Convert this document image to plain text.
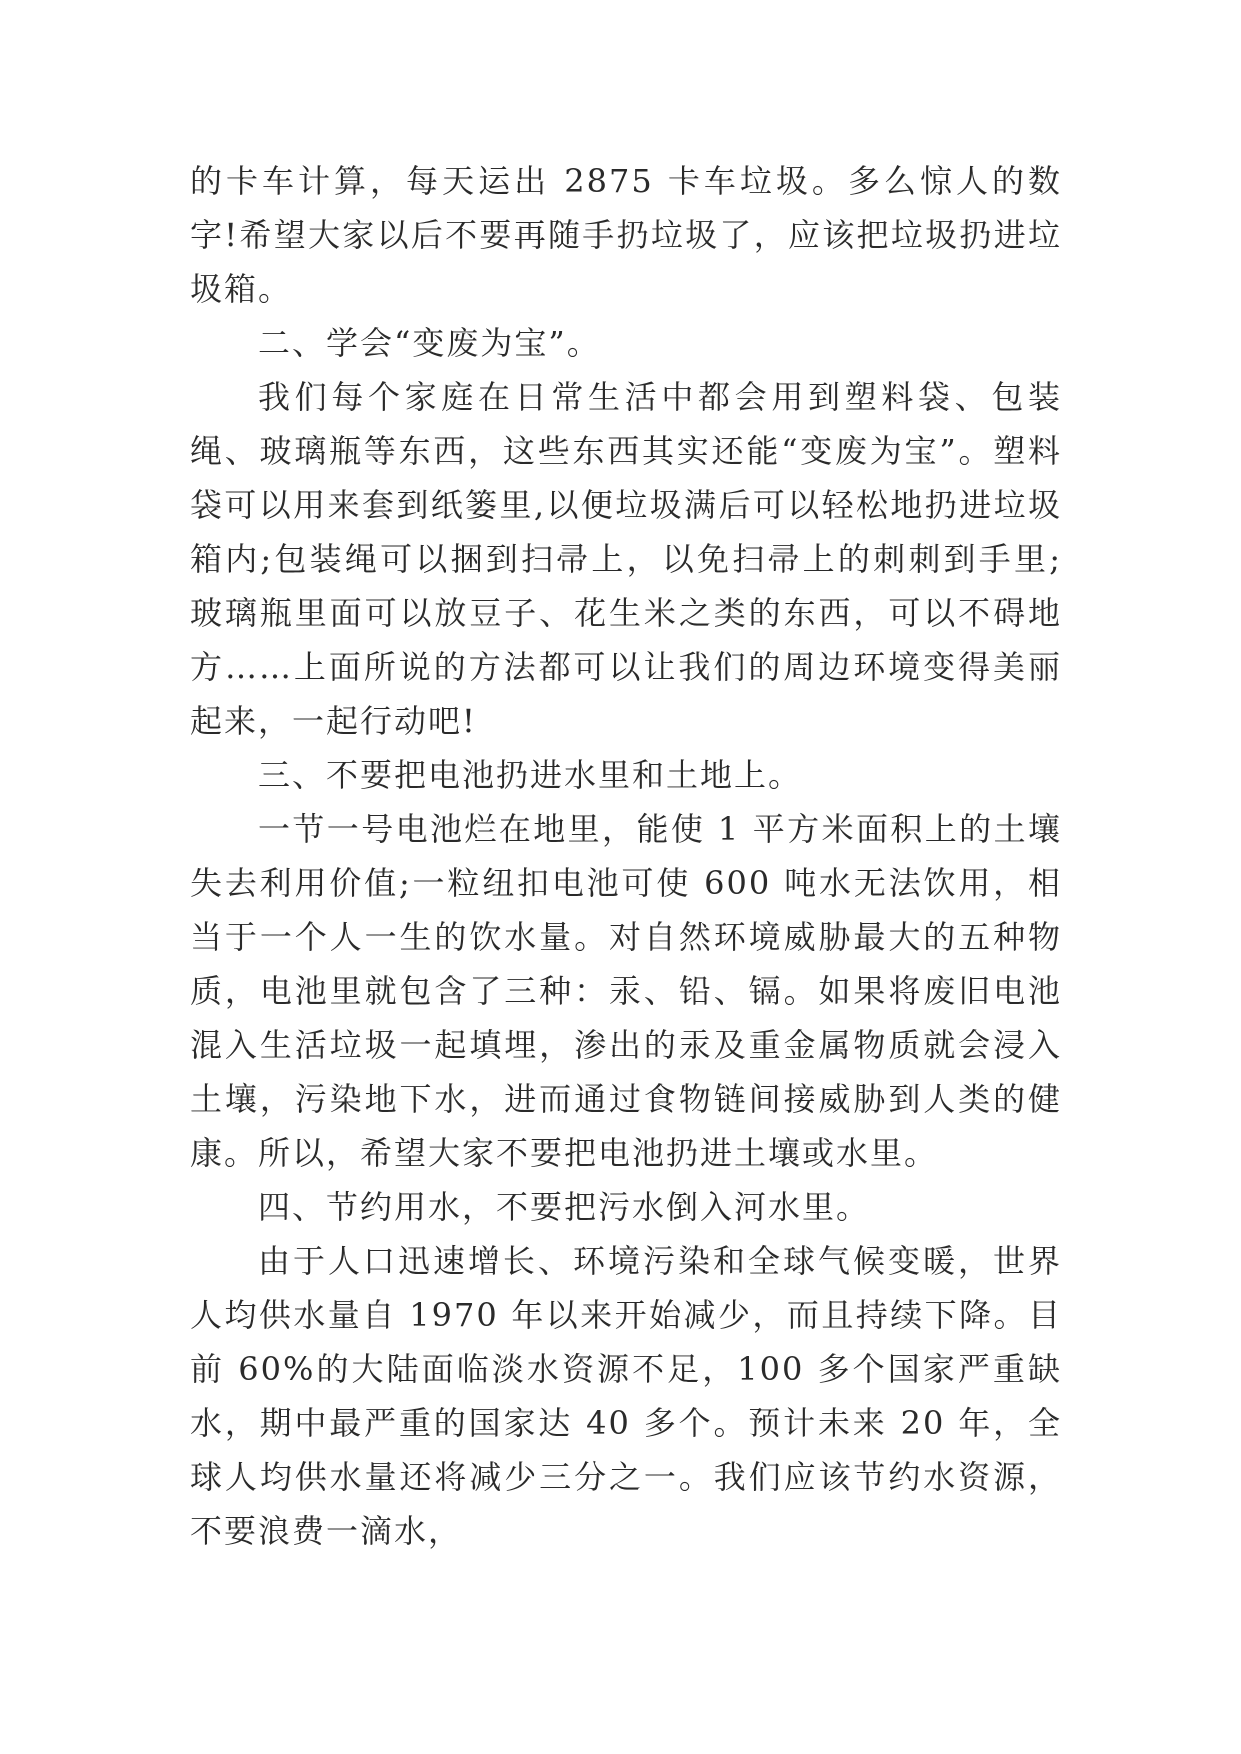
的卡车计算，每天运出 2875 卡车垃圾。多么惊人的数字!希望大家以后不要再随手扔垃圾了，应该把垃圾扔进垃圾箱。

二、学会“变废为宝”。

我们每个家庭在日常生活中都会用到塑料袋、包装绳、玻璃瓶等东西，这些东西其实还能“变废为宝”。塑料袋可以用来套到纸篓里,以便垃圾满后可以轻松地扔进垃圾箱内;包装绳可以捆到扫帚上，以免扫帚上的刺刺到手里;玻璃瓶里面可以放豆子、花生米之类的东西，可以不碍地方……上面所说的方法都可以让我们的周边环境变得美丽起来，一起行动吧!

三、不要把电池扔进水里和土地上。

一节一号电池烂在地里，能使 1 平方米面积上的土壤失去利用价值;一粒纽扣电池可使 600 吨水无法饮用，相当于一个人一生的饮水量。对自然环境威胁最大的五种物质，电池里就包含了三种：汞、铅、镉。如果将废旧电池混入生活垃圾一起填埋，渗出的汞及重金属物质就会浸入土壤，污染地下水，进而通过食物链间接威胁到人类的健康。所以，希望大家不要把电池扔进土壤或水里。

四、节约用水，不要把污水倒入河水里。

由于人口迅速增长、环境污染和全球气候变暖，世界人均供水量自 1970 年以来开始减少，而且持续下降。目前 60%的大陆面临淡水资源不足，100 多个国家严重缺水，期中最严重的国家达 40 多个。预计未来 20 年，全球人均供水量还将减少三分之一。我们应该节约水资源，不要浪费一滴水，
